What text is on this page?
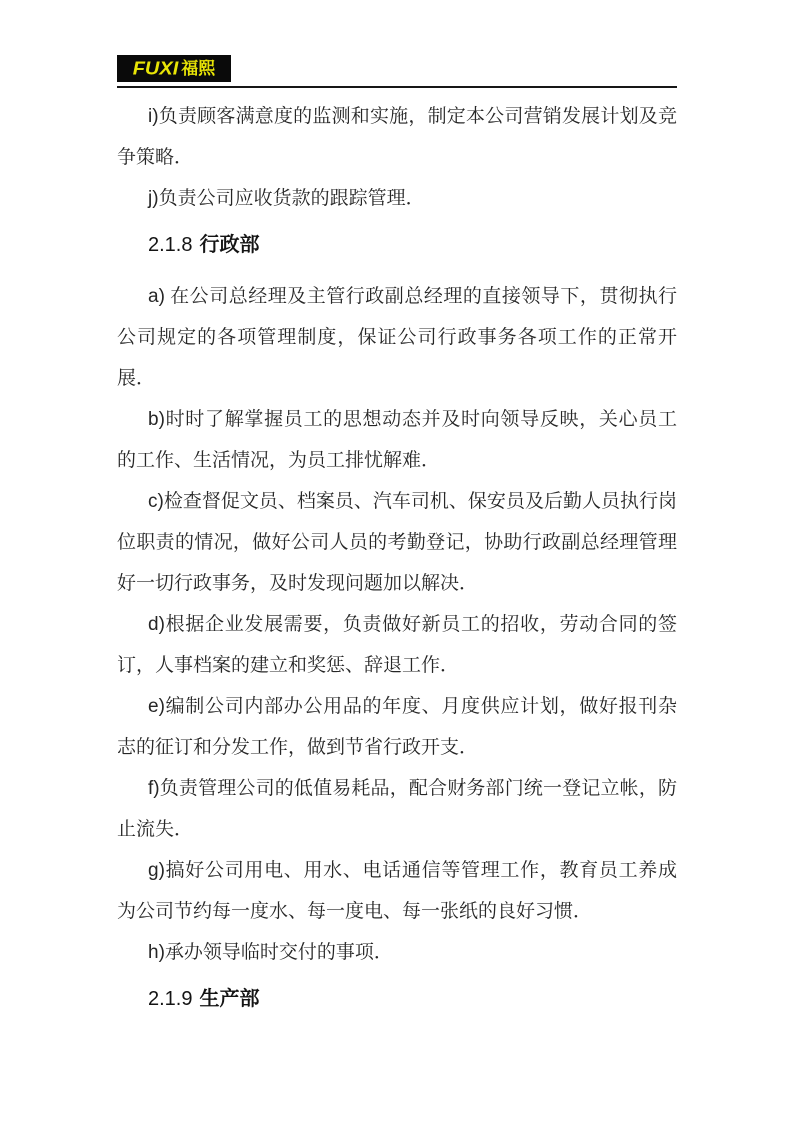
FUXI 福熙

i)负责顾客满意度的监测和实施，制定本公司营销发展计划及竞争策略．

j)负责公司应收货款的跟踪管理．

2.1.8 行政部

a) 在公司总经理及主管行政副总经理的直接领导下，贯彻执行公司规定的各项管理制度，保证公司行政事务各项工作的正常开展．

b)时时了解掌握员工的思想动态并及时向领导反映，关心员工的工作、生活情况，为员工排忧解难．

c)检查督促文员、档案员、汽车司机、保安员及后勤人员执行岗位职责的情况，做好公司人员的考勤登记，协助行政副总经理管理好一切行政事务，及时发现问题加以解决．

d)根据企业发展需要，负责做好新员工的招收，劳动合同的签订，人事档案的建立和奖惩、辞退工作．

e)编制公司内部办公用品的年度、月度供应计划，做好报刊杂志的征订和分发工作，做到节省行政开支．

f)负责管理公司的低值易耗品，配合财务部门统一登记立帐，防止流失．

g)搞好公司用电、用水、电话通信等管理工作，教育员工养成为公司节约每一度水、每一度电、每一张纸的良好习惯．

h)承办领导临时交付的事项．

2.1.9 生产部
